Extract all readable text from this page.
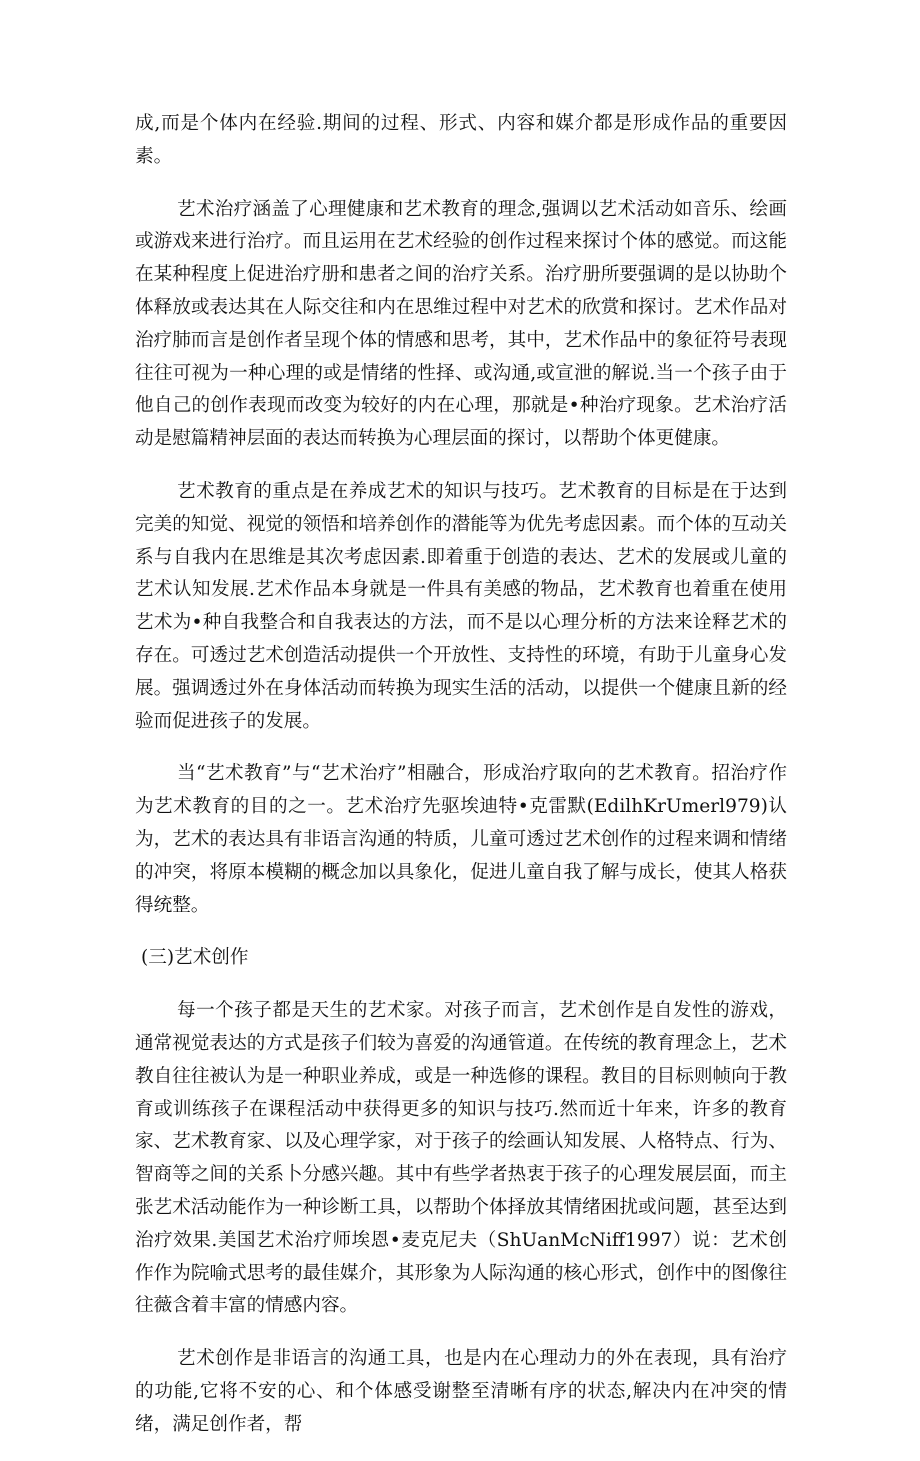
成,而是个体内在经验.期间的过程、形式、内容和媒介都是形成作品的重要因素。

艺术治疗涵盖了心理健康和艺术教育的理念,强调以艺术活动如音乐、绘画或游戏来进行治疗。而且运用在艺术经验的创作过程来探讨个体的感觉。而这能在某种程度上促进治疗册和患者之间的治疗关系。治疗册所要强调的是以协助个体释放或表达其在人际交往和内在思维过程中对艺术的欣赏和探讨。艺术作品对治疗肺而言是创作者呈现个体的情感和思考，其中，艺术作品中的象征符号表现往往可视为一种心理的或是情绪的性择、或沟通,或宣泄的解说.当一个孩子由于他自己的创作表现而改变为较好的内在心理，那就是•种治疗现象。艺术治疗活动是慰篇精神层面的表达而转换为心理层面的探讨，以帮助个体更健康。

艺术教育的重点是在养成艺术的知识与技巧。艺术教育的目标是在于达到完美的知觉、视觉的领悟和培养创作的潜能等为优先考虑因素。而个体的互动关系与自我内在思维是其次考虑因素.即着重于创造的表达、艺术的发展或儿童的艺术认知发展.艺术作品本身就是一件具有美感的物品，艺术教育也着重在使用艺术为•种自我整合和自我表达的方法，而不是以心理分析的方法来诠释艺术的存在。可透过艺术创造活动提供一个开放性、支持性的环境，有助于儿童身心发展。强调透过外在身体活动而转换为现实生活的活动，以提供一个健康且新的经验而促进孩子的发展。

当“艺术教育”与“艺术治疗”相融合，形成治疗取向的艺术教育。招治疗作为艺术教育的目的之一。艺术治疗先驱埃迪特•克雷默(EdilhKrUmerl979)认为，艺术的表达具有非语言沟通的特质，儿童可透过艺术创作的过程来调和情绪的冲突，将原本模糊的概念加以具象化，促进儿童自我了解与成长，使其人格获得统整。

(三)艺术创作

每一个孩子都是天生的艺术家。对孩子而言，艺术创作是自发性的游戏，通常视觉表达的方式是孩子们较为喜爱的沟通管道。在传统的教育理念上，艺术教自往往被认为是一种职业养成，或是一种选修的课程。教目的目标则帧向于教育或训练孩子在课程活动中获得更多的知识与技巧.然而近十年来，许多的教育家、艺术教育家、以及心理学家，对于孩子的绘画认知发展、人格特点、行为、智商等之间的关系卜分感兴趣。其中有些学者热衷于孩子的心理发展层面，而主张艺术活动能作为一种诊断工具，以帮助个体择放其情绪困扰或问题，甚至达到治疗效果.美国艺术治疗师埃恩•麦克尼夫（ShUanMcNiff1997）说：艺术创作作为院喻式思考的最佳媒介，其形象为人际沟通的核心形式，创作中的图像往往薇含着丰富的情感内容。

艺术创作是非语言的沟通工具，也是内在心理动力的外在表现，具有治疗的功能,它将不安的心、和个体感受谢整至清晰有序的状态,解决内在冲突的情绪，满足创作者，帮
